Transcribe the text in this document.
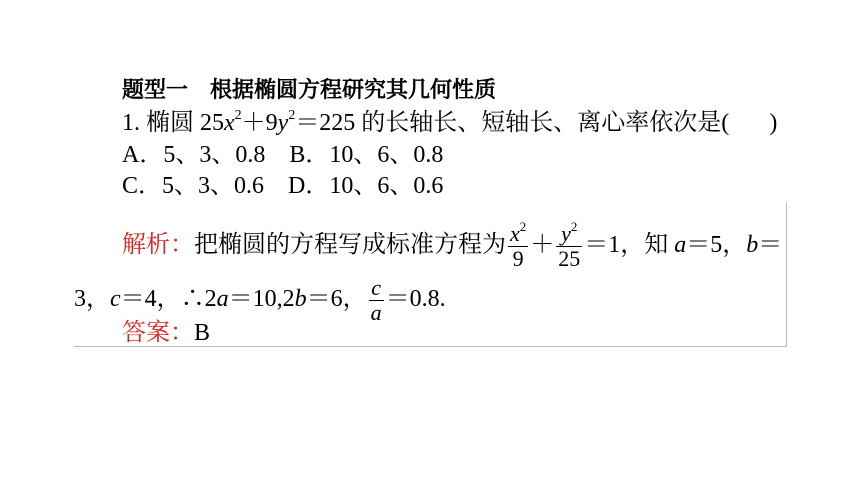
题型一　根据椭圆方程研究其几何性质
1. 椭圆 $25x^2+9y^2=225$ 的长轴长、短轴长、离心率依次是( )
A．5、3、0.8　 B．10、6、0.8
C．5、3、0.6　 D．10、6、0.6
解析：把椭圆的方程写成标准方程为 $\frac{x^2}{9} + \frac{y^2}{25} =1$，知 a＝5，b＝
3，c＝4，∴2a＝10,2b＝6， $\frac{c}{a} =0.8$.
答案：B
